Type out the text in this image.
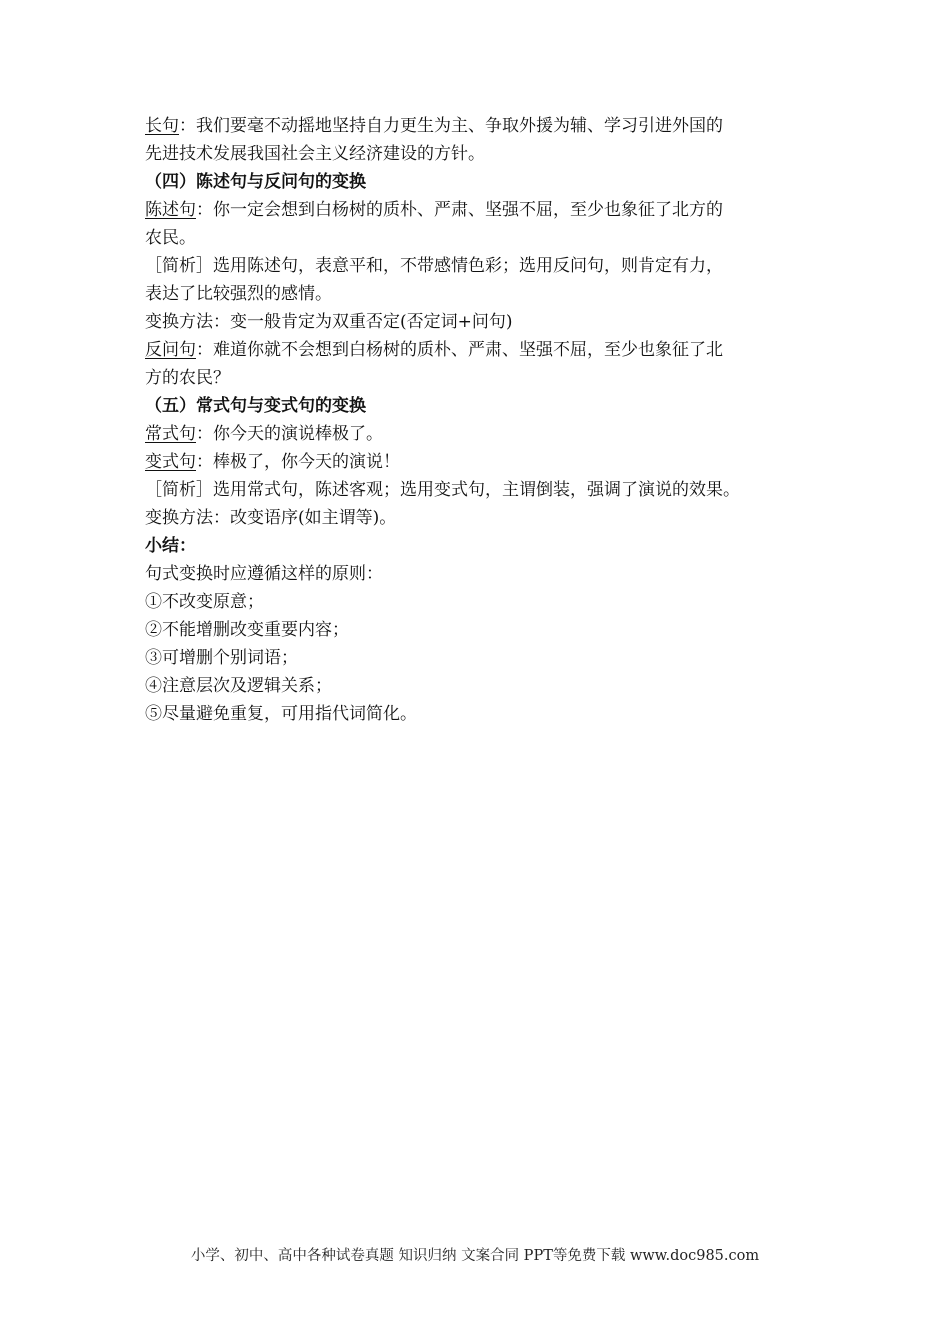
长句：我们要毫不动摇地坚持自力更生为主、争取外援为辅、学习引进外国的
先进技术发展我国社会主义经济建设的方针。
（四）陈述句与反问句的变换
陈述句：你一定会想到白杨树的质朴、严肃、坚强不屈，至少也象征了北方的
农民。
［简析］选用陈述句，表意平和，不带感情色彩；选用反问句，则肯定有力，
表达了比较强烈的感情。
变换方法：变一般肯定为双重否定(否定词+问句)
反问句：难道你就不会想到白杨树的质朴、严肃、坚强不屈，至少也象征了北
方的农民？
（五）常式句与变式句的变换
常式句：你今天的演说棒极了。
变式句：棒极了，你今天的演说！
［简析］选用常式句，陈述客观；选用变式句，主谓倒装，强调了演说的效果。
变换方法：改变语序(如主谓等)。
小结：
句式变换时应遵循这样的原则：
①不改变原意；
②不能增删改变重要内容；
③可增删个别词语；
④注意层次及逻辑关系；
⑤尽量避免重复，可用指代词简化。
小学、初中、高中各种试卷真题 知识归纳 文案合同 PPT等免费下载 www.doc985.com
